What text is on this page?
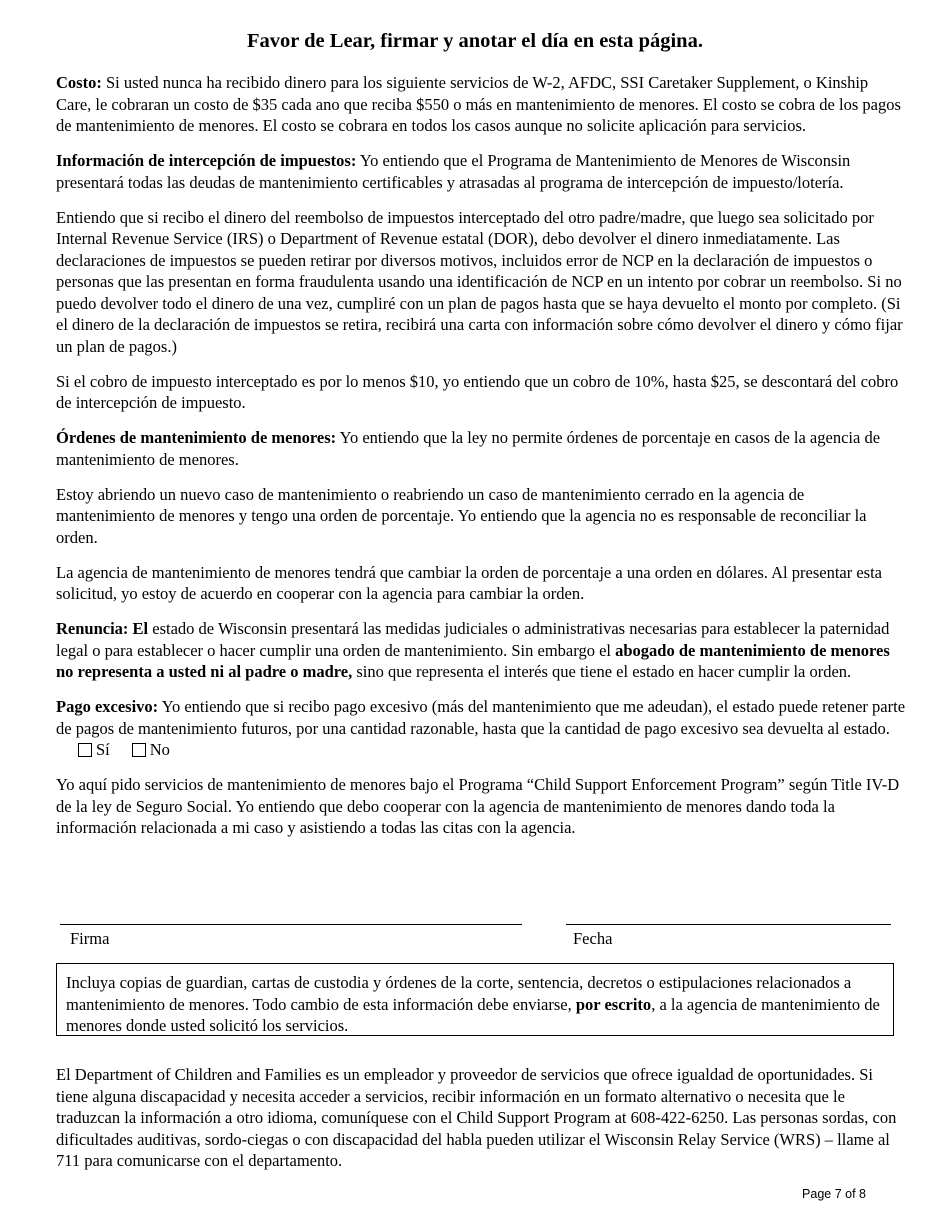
Favor de Lear, firmar y anotar el día en esta página.

Costo: Si usted nunca ha recibido dinero para los siguiente servicios de W-2, AFDC, SSI Caretaker Supplement, o Kinship Care, le cobraran un costo de $35 cada ano que reciba $550 o más en mantenimiento de menores. El costo se cobra de los pagos de mantenimiento de menores. El costo se cobrara en todos los casos aunque no solicite aplicación para servicios.

Información de intercepción de impuestos: Yo entiendo que el Programa de Mantenimiento de Menores de Wisconsin presentará todas las deudas de mantenimiento certificables y atrasadas al programa de intercepción de impuesto/lotería.

Entiendo que si recibo el dinero del reembolso de impuestos interceptado del otro padre/madre, que luego sea solicitado por Internal Revenue Service (IRS) o Department of Revenue estatal (DOR), debo devolver el dinero inmediatamente. Las declaraciones de impuestos se pueden retirar por diversos motivos, incluidos error de NCP en la declaración de impuestos o personas que las presentan en forma fraudulenta usando una identificación de NCP en un intento por cobrar un reembolso. Si no puedo devolver todo el dinero de una vez, cumpliré con un plan de pagos hasta que se haya devuelto el monto por completo. (Si el dinero de la declaración de impuestos se retira, recibirá una carta con información sobre cómo devolver el dinero y cómo fijar un plan de pagos.)

Si el cobro de impuesto interceptado es por lo menos $10, yo entiendo que un cobro de 10%, hasta $25, se descontará del cobro de intercepción de impuesto.

Órdenes de mantenimiento de menores: Yo entiendo que la ley no permite órdenes de porcentaje en casos de la agencia de mantenimiento de menores.

Estoy abriendo un nuevo caso de mantenimiento o reabriendo un caso de mantenimiento cerrado en la agencia de mantenimiento de menores y tengo una orden de porcentaje. Yo entiendo que la agencia no es responsable de reconciliar la orden.

La agencia de mantenimiento de menores tendrá que cambiar la orden de porcentaje a una orden en dólares. Al presentar esta solicitud, yo estoy de acuerdo en cooperar con la agencia para cambiar la orden.

Renuncia: El estado de Wisconsin presentará las medidas judiciales o administrativas necesarias para establecer la paternidad legal o para establecer o hacer cumplir una orden de mantenimiento. Sin embargo el abogado de mantenimiento de menores no representa a usted ni al padre o madre, sino que representa el interés que tiene el estado en hacer cumplir la orden.

Pago excesivo: Yo entiendo que si recibo pago excesivo (más del mantenimiento que me adeudan), el estado puede retener parte de pagos de mantenimiento futuros, por una cantidad razonable, hasta que la cantidad de pago excesivo sea devuelta al estado.Sí No

Yo aquí pido servicios de mantenimiento de menores bajo el Programa “Child Support Enforcement Program” según Title IV-D de la ley de Seguro Social. Yo entiendo que debo cooperar con la agencia de mantenimiento de menores dando toda la información relacionada a mi caso y asistiendo a todas las citas con la agencia.

Firma	Fecha
Incluya copias de guardian, cartas de custodia y órdenes de la corte, sentencia, decretos o estipulaciones relacionados a mantenimiento de menores. Todo cambio de esta información debe enviarse, por escrito, a la agencia de mantenimiento de menores donde usted solicitó los servicios.
El Department of Children and Families es un empleador y proveedor de servicios que ofrece igualdad de oportunidades. Si tiene alguna discapacidad y necesita acceder a servicios, recibir información en un formato alternativo o necesita que le traduzcan la información a otro idioma, comuníquese con el Child Support Program at 608-422-6250. Las personas sordas, con dificultades auditivas, sordo-ciegas o con discapacidad del habla pueden utilizar el Wisconsin Relay Service (WRS) – llame al 711 para comunicarse con el departamento.
Page 7 of 8
